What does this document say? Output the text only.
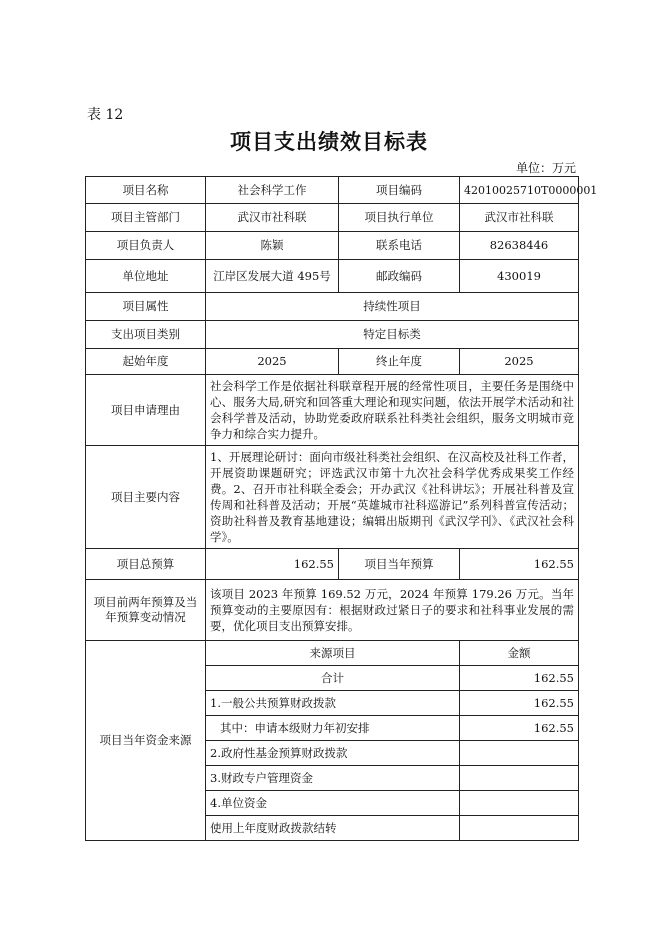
表 12
项目支出绩效目标表
单位：万元
项目名称	社会科学工作	项目编码	42010025710T0000001
项目主管部门	武汉市社科联	项目执行单位	武汉市社科联
项目负责人	陈颖	联系电话	82638446
单位地址	江岸区发展大道 495号	邮政编码	430019
项目属性	持续性项目		
支出项目类别	特定目标类		
起始年度	2025	终止年度	2025
项目申请理由	社会科学工作是依据社科联章程开展的经常性项目，主要任务是围绕中心、服务大局,研究和回答重大理论和现实问题，依法开展学术活动和社会科学普及活动，协助党委政府联系社科类社会组织，服务文明城市竞争力和综合实力提升。		
项目主要内容	1、开展理论研讨：面向市级社科类社会组织、在汉高校及社科工作者，开展资助课题研究；评选武汉市第十九次社会科学优秀成果奖工作经费。2、召开市社科联全委会；开办武汉《社科讲坛》；开展社科普及宣传周和社科普及活动；开展“英雄城市社科巡游记”系列科普宣传活动；资助社科普及教育基地建设；编辑出版期刊《武汉学刊》、《武汉社会科学》。		
项目总预算	162.55	项目当年预算	162.55
项目前两年预算及当年预算变动情况	该项目 2023 年预算 169.52 万元，2024 年预算 179.26 万元。当年预算变动的主要原因有：根据财政过紧日子的要求和社科事业发展的需要，优化项目支出预算安排。		
项目当年资金来源	来源项目		金额
	合计		162.55
	1.一般公共预算财政拨款		162.55
	其中：申请本级财力年初安排		162.55
	2.政府性基金预算财政拨款		
	3.财政专户管理资金		
	4.单位资金		
	使用上年度财政拨款结转		
